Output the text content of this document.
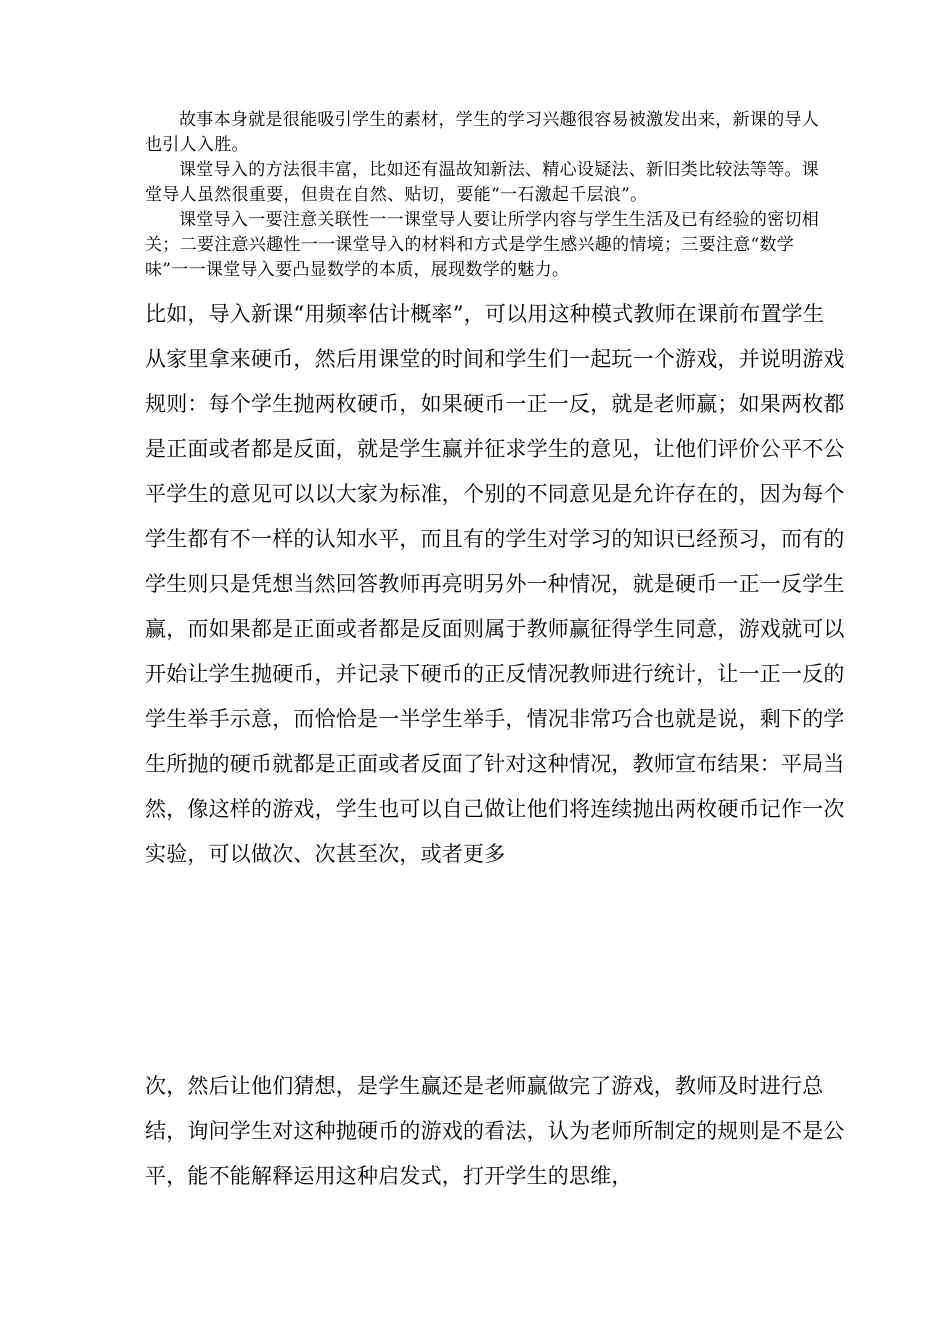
故事本身就是很能吸引学生的素材，学生的学习兴趣很容易被激发出来，新课的导人也引人入胜。

课堂导入的方法很丰富，比如还有温故知新法、精心设疑法、新旧类比较法等等。课堂导人虽然很重要，但贵在自然、贴切，要能“一石激起千层浪”。

课堂导入一要注意关联性一一课堂导人要让所学内容与学生生活及已有经验的密切相关；二要注意兴趣性一一课堂导入的材料和方式是学生感兴趣的情境；三要注意“数学味”一一课堂导入要凸显数学的本质，展现数学的魅力。

比如，导入新课“用频率估计概率”，可以用这种模式教师在课前布置学生从家里拿来硬币，然后用课堂的时间和学生们一起玩一个游戏，并说明游戏规则：每个学生抛两枚硬币，如果硬币一正一反，就是老师赢；如果两枚都是正面或者都是反面，就是学生赢并征求学生的意见，让他们评价公平不公平学生的意见可以以大家为标准，个别的不同意见是允许存在的，因为每个学生都有不一样的认知水平，而且有的学生对学习的知识已经预习，而有的学生则只是凭想当然回答教师再亮明另外一种情况，就是硬币一正一反学生赢，而如果都是正面或者都是反面则属于教师赢征得学生同意，游戏就可以开始让学生抛硬币，并记录下硬币的正反情况教师进行统计，让一正一反的学生举手示意，而恰恰是一半学生举手，情况非常巧合也就是说，剩下的学生所抛的硬币就都是正面或者反面了针对这种情况，教师宣布结果：平局当然，像这样的游戏，学生也可以自己做让他们将连续抛出两枚硬币记作一次实验，可以做次、次甚至次，或者更多

次，然后让他们猜想，是学生赢还是老师赢做完了游戏，教师及时进行总结，询问学生对这种抛硬币的游戏的看法，认为老师所制定的规则是不是公平，能不能解释运用这种启发式，打开学生的思维，
